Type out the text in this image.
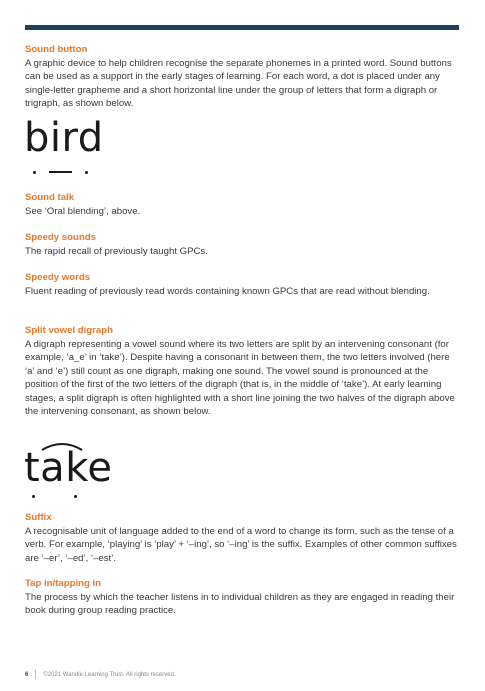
Sound button
A graphic device to help children recognise the separate phonemes in a printed word. Sound buttons can be used as a support in the early stages of learning. For each word, a dot is placed under any single-letter grapheme and a short horizontal line under the group of letters that form a digraph or trigraph, as shown below.
bird
Sound talk
See ‘Oral blending’, above.
Speedy sounds
The rapid recall of previously taught GPCs.
Speedy words
Fluent reading of previously read words containing known GPCs that are read without blending.
Split vowel digraph
A digraph representing a vowel sound where its two letters are split by an intervening consonant (for example, ‘a_e’ in ‘take’). Despite having a consonant in between them, the two letters involved (here ‘a’ and ‘e’) still count as one digraph, making one sound. The vowel sound is pronounced at the position of the first of the two letters of the digraph (that is, in the middle of ‘take’). At early learning stages, a split digraph is often highlighted with a short line joining the two halves of the digraph above the intervening consonant, as shown below.
take
Suffix
A recognisable unit of language added to the end of a word to change its form, such as the tense of a verb. For example, ‘playing’ is ‘play’ + ‘–ing’, so ‘–ing’ is the suffix. Examples of other common suffixes are ‘–er’, ‘–ed’, ‘–est’.
Tap in/tapping in
The process by which the teacher listens in to individual children as they are engaged in reading their book during group reading practice.
6	©2021 Wandle Learning Trust. All rights reserved.
